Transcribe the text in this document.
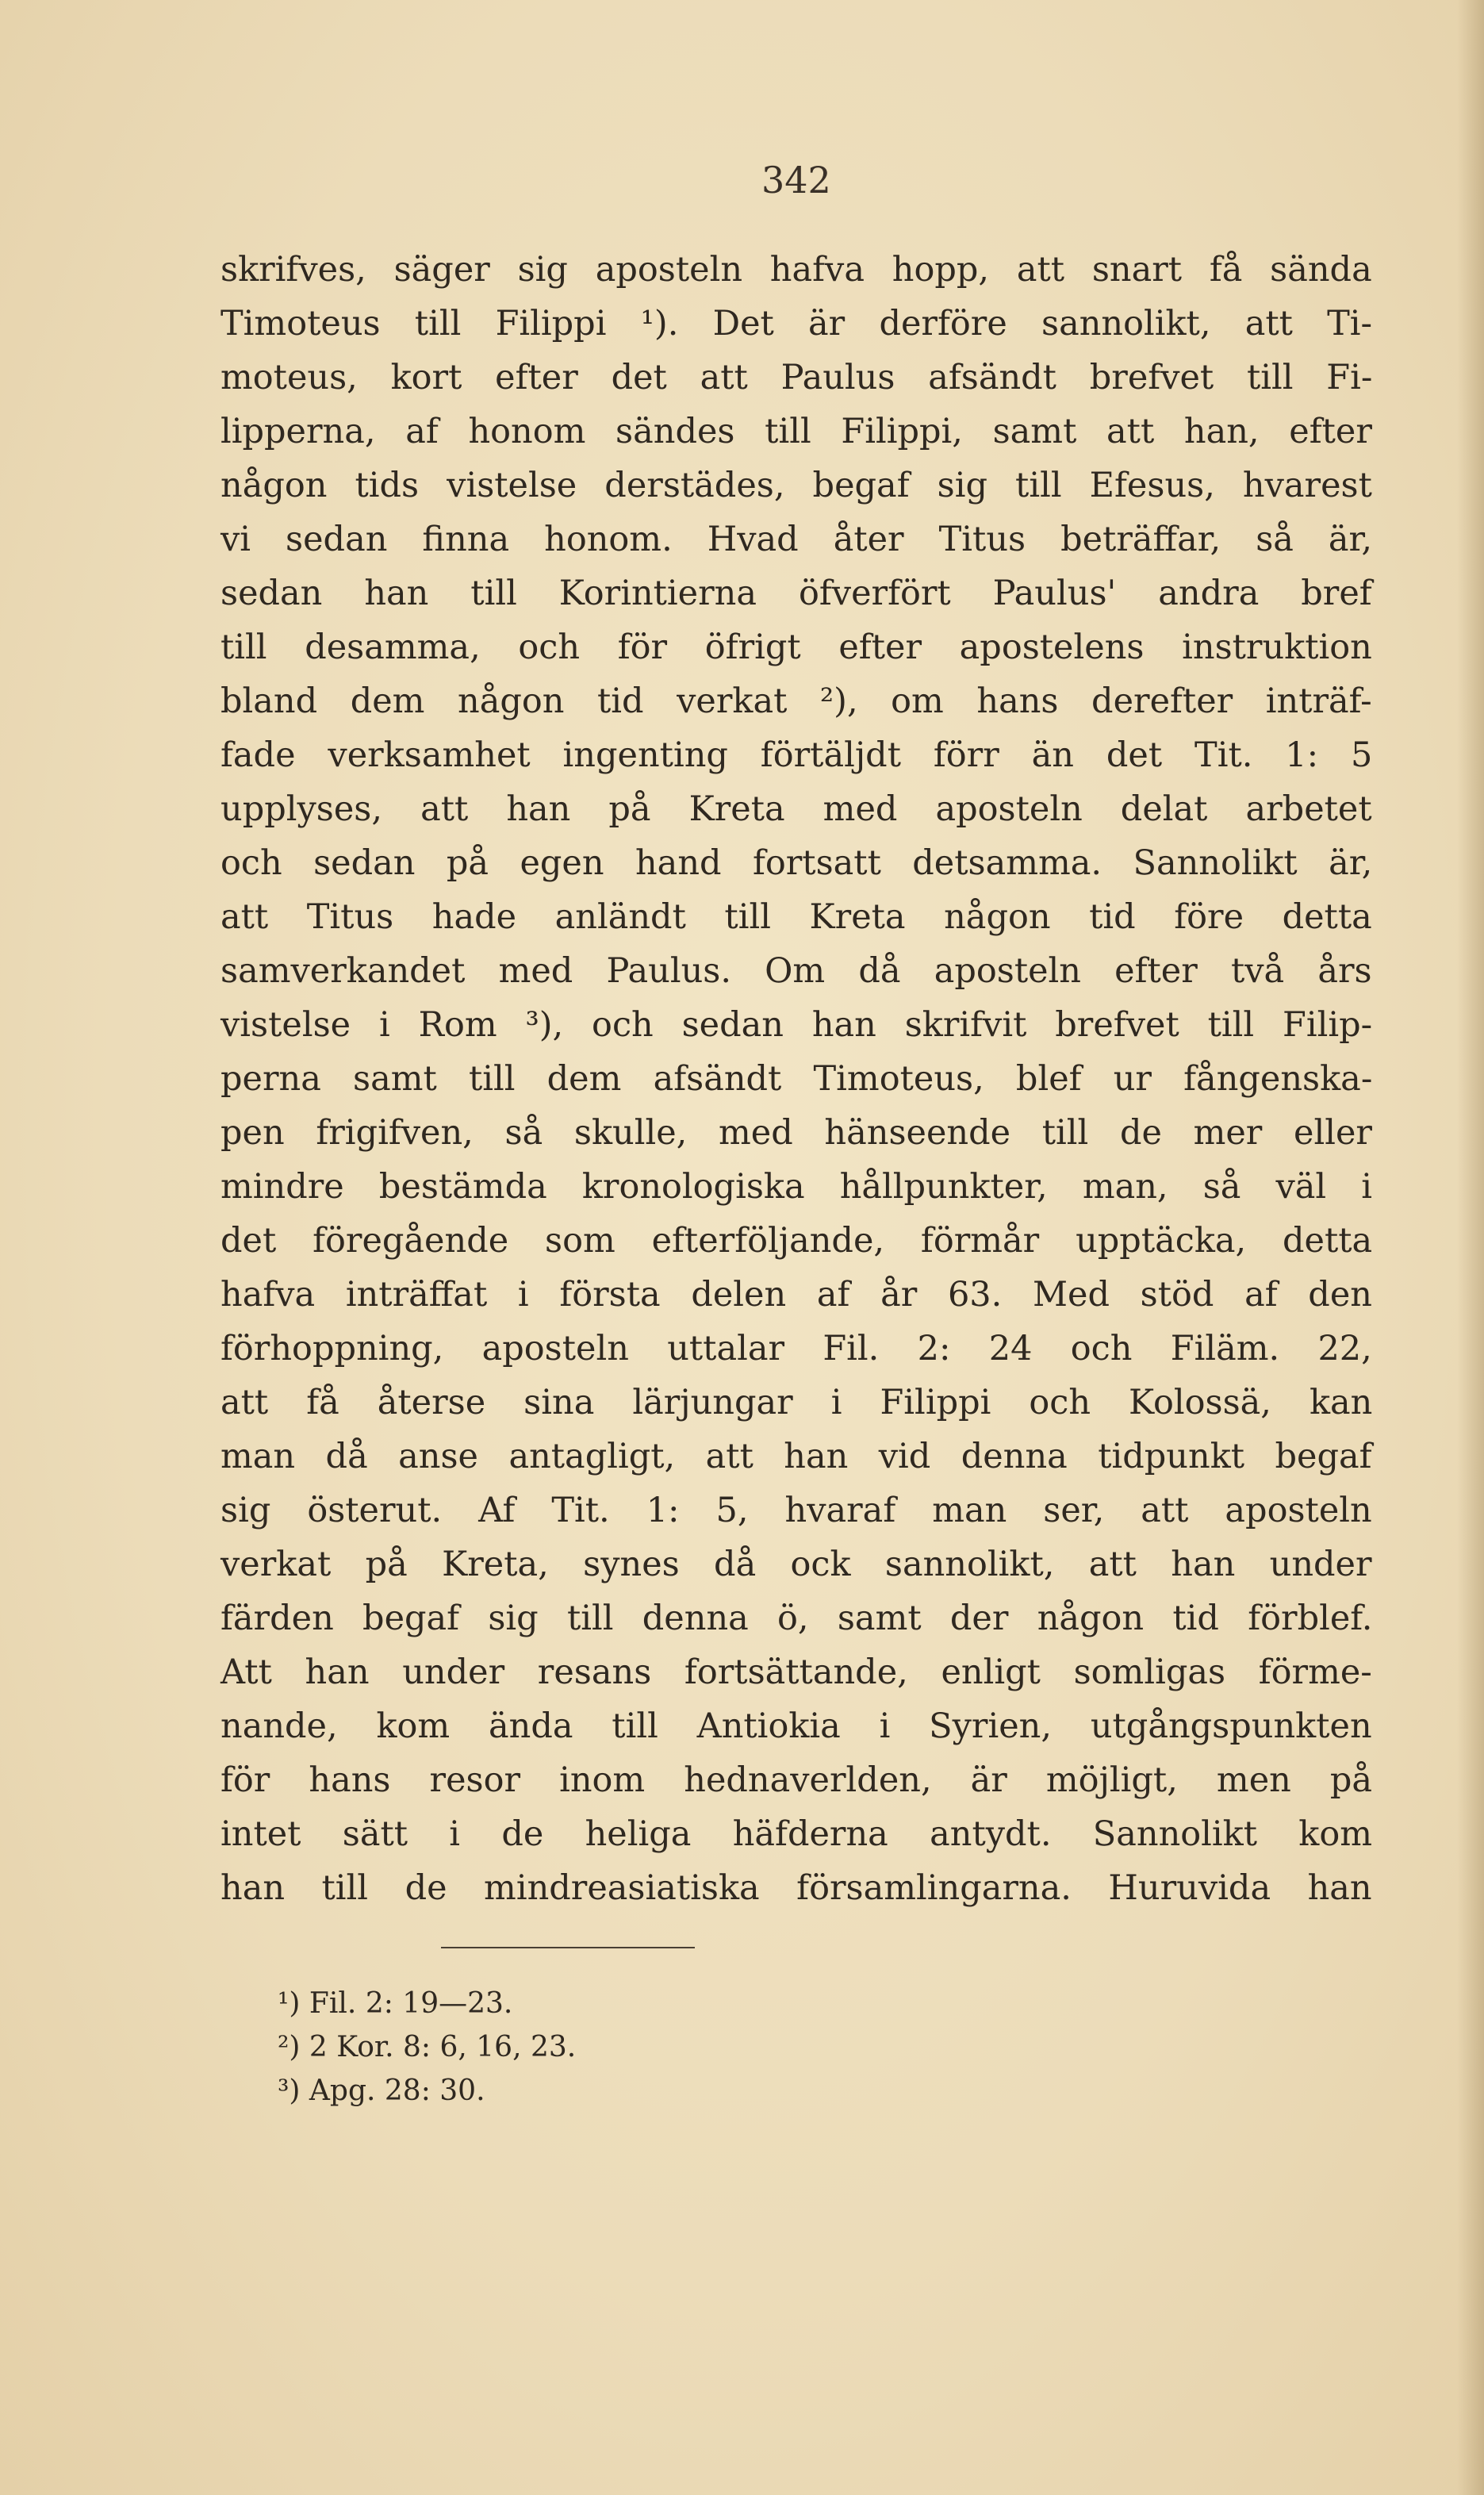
342
skrifves, säger sig aposteln hafva hopp, att snart få sända
Timoteus till Filippi ¹). Det är derföre sannolikt, att Ti-
moteus, kort efter det att Paulus afsändt brefvet till Fi-
lipperna, af honom sändes till Filippi, samt att han, efter
någon tids vistelse derstädes, begaf sig till Efesus, hvarest
vi sedan finna honom. Hvad åter Titus beträffar, så är,
sedan han till Korintierna öfverfört Paulus' andra bref
till desamma, och för öfrigt efter apostelens instruktion
bland dem någon tid verkat ²), om hans derefter inträf-
fade verksamhet ingenting förtäljdt förr än det Tit. 1: 5
upplyses, att han på Kreta med aposteln delat arbetet
och sedan på egen hand fortsatt detsamma. Sannolikt är,
att Titus hade anländt till Kreta någon tid före detta
samverkandet med Paulus. Om då aposteln efter två års
vistelse i Rom ³), och sedan han skrifvit brefvet till Filip-
perna samt till dem afsändt Timoteus, blef ur fångenska-
pen frigifven, så skulle, med hänseende till de mer eller
mindre bestämda kronologiska hållpunkter, man, så väl i
det föregående som efterföljande, förmår upptäcka, detta
hafva inträffat i första delen af år 63. Med stöd af den
förhoppning, aposteln uttalar Fil. 2: 24 och Filäm. 22,
att få återse sina lärjungar i Filippi och Kolossä, kan
man då anse antagligt, att han vid denna tidpunkt begaf
sig österut. Af Tit. 1: 5, hvaraf man ser, att aposteln
verkat på Kreta, synes då ock sannolikt, att han under
färden begaf sig till denna ö, samt der någon tid förblef.
Att han under resans fortsättande, enligt somligas förme-
nande, kom ända till Antiokia i Syrien, utgångspunkten
för hans resor inom hednaverlden, är möjligt, men på
intet sätt i de heliga häfderna antydt. Sannolikt kom
han till de mindreasiatiska församlingarna. Huruvida han
¹) Fil. 2: 19—23.
²) 2 Kor. 8: 6, 16, 23.
³) Apg. 28: 30.
